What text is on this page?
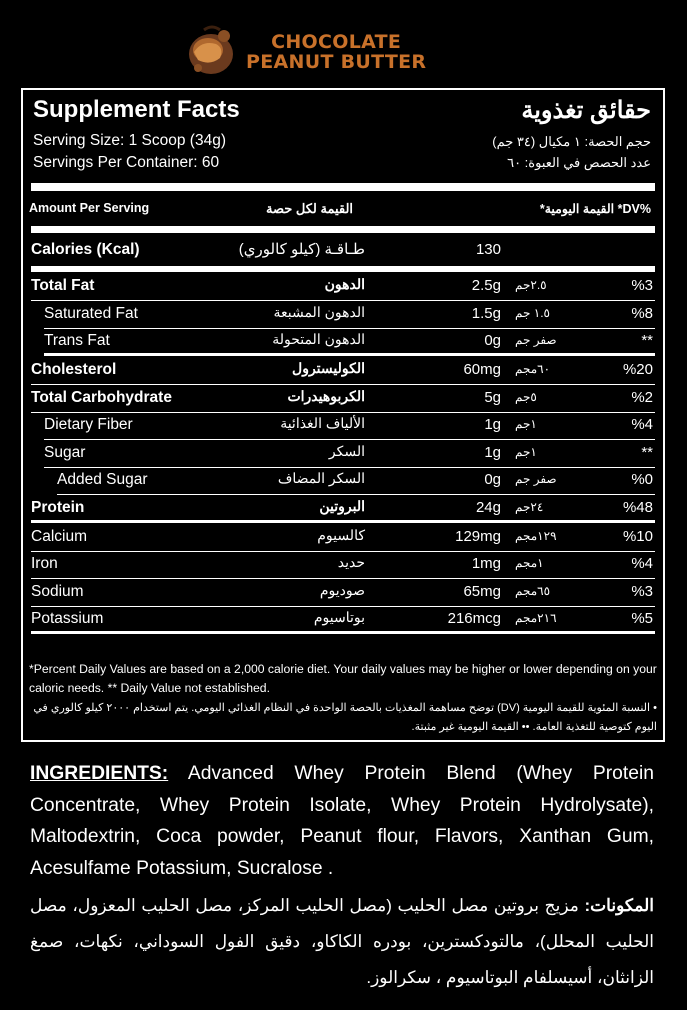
CHOCOLATE
PEANUT BUTTER
Supplement Facts	حقائق تغذوية
Serving Size: 1 Scoop (34g)
Servings Per Container: 60
حجم الحصة: ١ مكيال (٣٤ جم)
عدد الحصص في العبوة: ٦٠
Amount Per Serving	القيمة لكل حصة	%DV* القيمة اليومية*
Calories (Kcal)	طـاقـة (كيلو كالوري)	130
Total Fat	الدهون	2.5g ٢.٥جم	%3
Saturated Fat	الدهون المشبعة	1.5g ١.٥ جم	%8
Trans Fat	الدهون المتحولة	0g صفر جم	**
Cholesterol	الكوليسترول	60mg ٦٠مجم	%20
Total Carbohydrate	الكربوهيدرات	5g ٥جم	%2
Dietary Fiber	الألياف الغذائية	1g ١جم	%4
Sugar	السكر	1g ١جم	**
Added Sugar	السكر المضاف	0g صفر جم	%0
Protein	البروتين	24g ٢٤جم	%48
Calcium	كالسيوم	129mg ١٢٩مجم	%10
Iron	حديد	1mg ١مجم	%4
Sodium	صوديوم	65mg ٦٥مجم	%3
Potassium	بوتاسيوم	216mcg ٢١٦مجم	%5
*Percent Daily Values are based on a 2,000 calorie diet. Your daily values may be higher or lower depending on your caloric needs. ** Daily Value not established.
• النسبة المئوية للقيمة اليومية (DV) توضح مساهمة المغذيات بالحصة الواحدة في النظام الغذائي اليومي. يتم استخدام ٢٠٠٠ كيلو كالوري في اليوم كتوصية للتغذية العامة. •• القيمة اليومية غير مثبتة.
INGREDIENTS: Advanced Whey Protein Blend (Whey Protein Concentrate, Whey Protein Isolate, Whey Protein Hydrolysate), Maltodextrin, Coca powder, Peanut flour, Flavors, Xanthan Gum, Acesulfame Potassium, Sucralose .
المكونات: مزيج بروتين مصل الحليب (مصل الحليب المركز، مصل الحليب المعزول، مصل الحليب المحلل)، مالتودكسترين، بودره الكاكاو، دقيق الفول السوداني، نكهات، صمغ الزانثان، أسيسلفام البوتاسيوم ، سكرالوز.
